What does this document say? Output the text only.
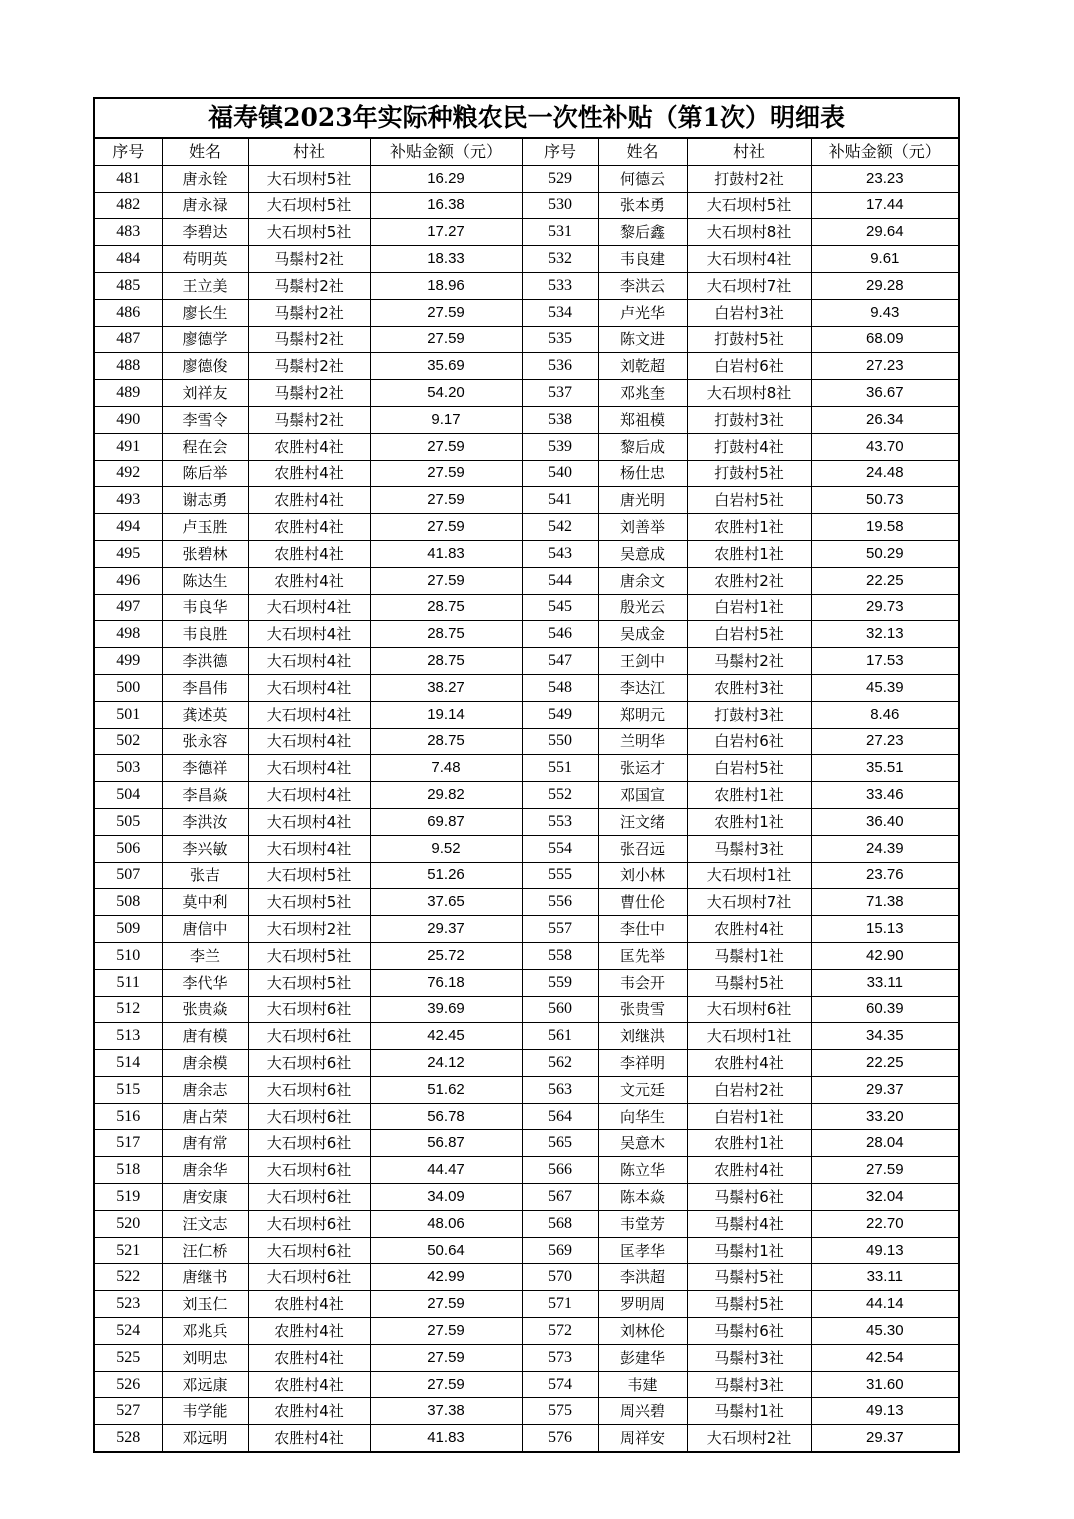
福寿镇2023年实际种粮农民一次性补贴（第1次）明细表							
序号	姓名	村社	补贴金额（元）	序号	姓名	村社	补贴金额（元）
481	唐永铨	大石坝村5社	16.29	529	何德云	打鼓村2社	23.23
482	唐永禄	大石坝村5社	16.38	530	张本勇	大石坝村5社	17.44
483	李碧达	大石坝村5社	17.27	531	黎后鑫	大石坝村8社	29.64
484	苟明英	马鬃村2社	18.33	532	韦良建	大石坝村4社	9.61
485	王立美	马鬃村2社	18.96	533	李洪云	大石坝村7社	29.28
486	廖长生	马鬃村2社	27.59	534	卢光华	白岩村3社	9.43
487	廖德学	马鬃村2社	27.59	535	陈文进	打鼓村5社	68.09
488	廖德俊	马鬃村2社	35.69	536	刘乾超	白岩村6社	27.23
489	刘祥友	马鬃村2社	54.20	537	邓兆奎	大石坝村8社	36.67
490	李雪令	马鬃村2社	9.17	538	郑祖模	打鼓村3社	26.34
491	程在会	农胜村4社	27.59	539	黎后成	打鼓村4社	43.70
492	陈后举	农胜村4社	27.59	540	杨仕忠	打鼓村5社	24.48
493	谢志勇	农胜村4社	27.59	541	唐光明	白岩村5社	50.73
494	卢玉胜	农胜村4社	27.59	542	刘善举	农胜村1社	19.58
495	张碧林	农胜村4社	41.83	543	吴意成	农胜村1社	50.29
496	陈达生	农胜村4社	27.59	544	唐余文	农胜村2社	22.25
497	韦良华	大石坝村4社	28.75	545	殷光云	白岩村1社	29.73
498	韦良胜	大石坝村4社	28.75	546	吴成金	白岩村5社	32.13
499	李洪德	大石坝村4社	28.75	547	王剑中	马鬃村2社	17.53
500	李昌伟	大石坝村4社	38.27	548	李达江	农胜村3社	45.39
501	龚述英	大石坝村4社	19.14	549	郑明元	打鼓村3社	8.46
502	张永容	大石坝村4社	28.75	550	兰明华	白岩村6社	27.23
503	李德祥	大石坝村4社	7.48	551	张运才	白岩村5社	35.51
504	李昌焱	大石坝村4社	29.82	552	邓国宣	农胜村1社	33.46
505	李洪汝	大石坝村4社	69.87	553	汪文绪	农胜村1社	36.40
506	李兴敏	大石坝村4社	9.52	554	张召远	马鬃村3社	24.39
507	张吉	大石坝村5社	51.26	555	刘小林	大石坝村1社	23.76
508	莫中利	大石坝村5社	37.65	556	曹仕伦	大石坝村7社	71.38
509	唐信中	大石坝村2社	29.37	557	李仕中	农胜村4社	15.13
510	李兰	大石坝村5社	25.72	558	匡先举	马鬃村1社	42.90
511	李代华	大石坝村5社	76.18	559	韦会开	马鬃村5社	33.11
512	张贵焱	大石坝村6社	39.69	560	张贵雪	大石坝村6社	60.39
513	唐有模	大石坝村6社	42.45	561	刘继洪	大石坝村1社	34.35
514	唐余模	大石坝村6社	24.12	562	李祥明	农胜村4社	22.25
515	唐余志	大石坝村6社	51.62	563	文元廷	白岩村2社	29.37
516	唐占荣	大石坝村6社	56.78	564	向华生	白岩村1社	33.20
517	唐有常	大石坝村6社	56.87	565	吴意木	农胜村1社	28.04
518	唐余华	大石坝村6社	44.47	566	陈立华	农胜村4社	27.59
519	唐安康	大石坝村6社	34.09	567	陈本焱	马鬃村6社	32.04
520	汪文志	大石坝村6社	48.06	568	韦堂芳	马鬃村4社	22.70
521	汪仁桥	大石坝村6社	50.64	569	匡孝华	马鬃村1社	49.13
522	唐继书	大石坝村6社	42.99	570	李洪超	马鬃村5社	33.11
523	刘玉仁	农胜村4社	27.59	571	罗明周	马鬃村5社	44.14
524	邓兆兵	农胜村4社	27.59	572	刘林伦	马鬃村6社	45.30
525	刘明忠	农胜村4社	27.59	573	彭建华	马鬃村3社	42.54
526	邓远康	农胜村4社	27.59	574	韦建	马鬃村3社	31.60
527	韦学能	农胜村4社	37.38	575	周兴碧	马鬃村1社	49.13
528	邓远明	农胜村4社	41.83	576	周祥安	大石坝村2社	29.37
